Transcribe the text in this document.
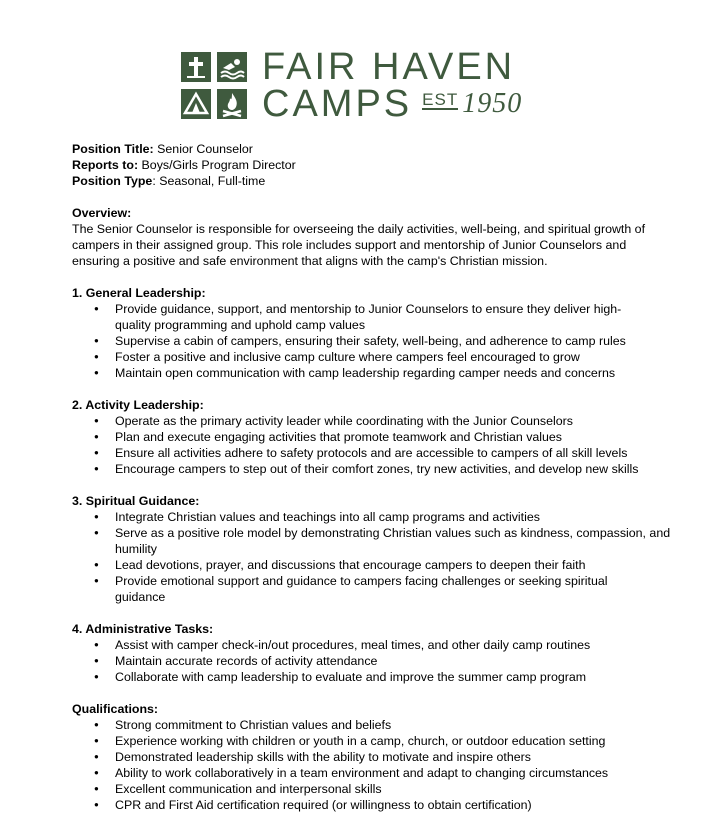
FAIR HAVEN
CAMPS EST 1950

Position Title: Senior Counselor

Reports to: Boys/Girls Program Director

Position Type: Seasonal, Full-time

Overview:

The Senior Counselor is responsible for overseeing the daily activities, well-being, and spiritual growth of campers in their assigned group. This role includes support and mentorship of Junior Counselors and ensuring a positive and safe environment that aligns with the camp's Christian mission.

1. General Leadership:

● Provide guidance, support, and mentorship to Junior Counselors to ensure they deliver high-quality programming and uphold camp values
● Supervise a cabin of campers, ensuring their safety, well-being, and adherence to camp rules
● Foster a positive and inclusive camp culture where campers feel encouraged to grow
● Maintain open communication with camp leadership regarding camper needs and concerns

2. Activity Leadership:

● Operate as the primary activity leader while coordinating with the Junior Counselors
● Plan and execute engaging activities that promote teamwork and Christian values
● Ensure all activities adhere to safety protocols and are accessible to campers of all skill levels
● Encourage campers to step out of their comfort zones, try new activities, and develop new skills

3. Spiritual Guidance:

● Integrate Christian values and teachings into all camp programs and activities
● Serve as a positive role model by demonstrating Christian values such as kindness, compassion, and humility
● Lead devotions, prayer, and discussions that encourage campers to deepen their faith
● Provide emotional support and guidance to campers facing challenges or seeking spiritual guidance

4. Administrative Tasks:

● Assist with camper check-in/out procedures, meal times, and other daily camp routines
● Maintain accurate records of activity attendance
● Collaborate with camp leadership to evaluate and improve the summer camp program

Qualifications:

● Strong commitment to Christian values and beliefs
● Experience working with children or youth in a camp, church, or outdoor education setting
● Demonstrated leadership skills with the ability to motivate and inspire others
● Ability to work collaboratively in a team environment and adapt to changing circumstances
● Excellent communication and interpersonal skills
● CPR and First Aid certification required (or willingness to obtain certification)
